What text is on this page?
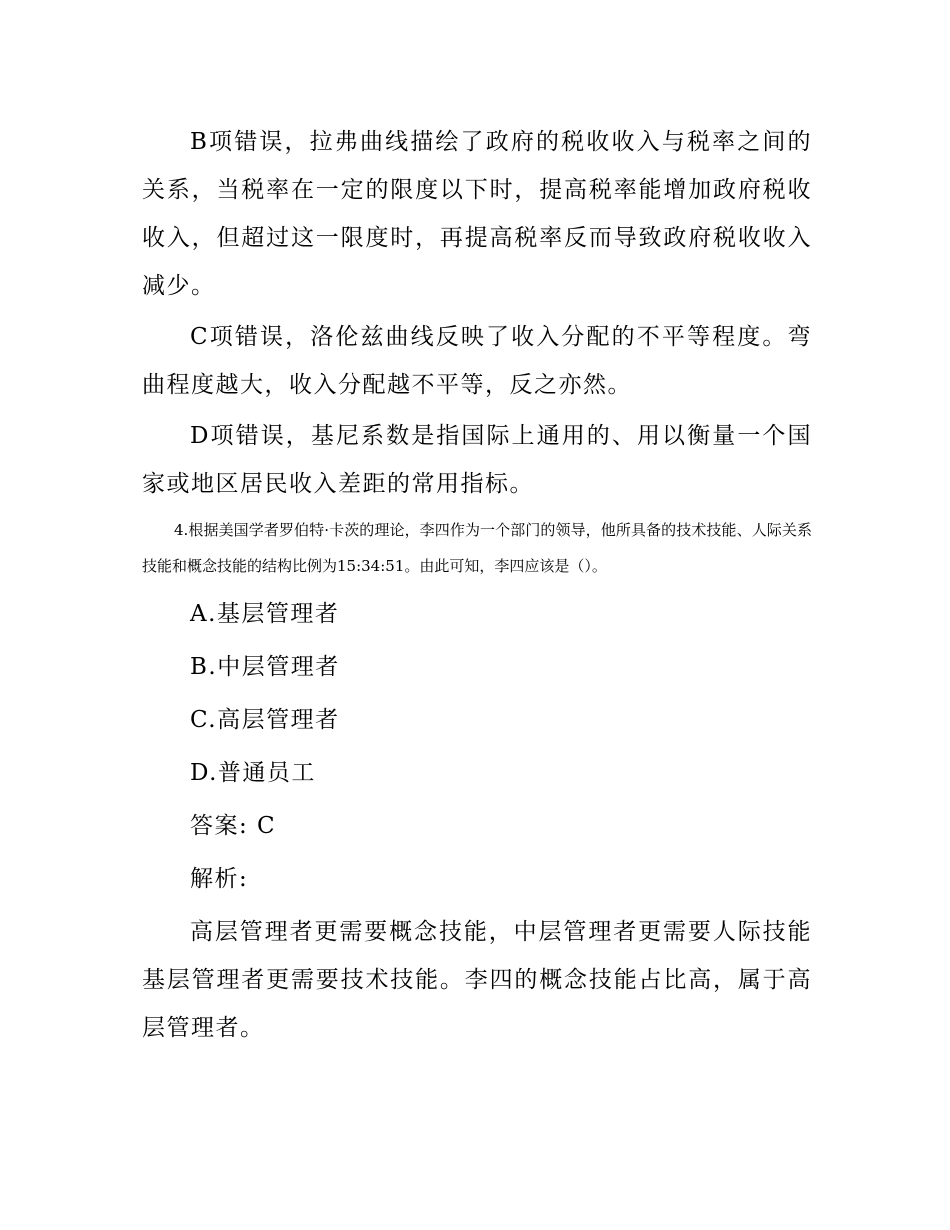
B项错误，拉弗曲线描绘了政府的税收收入与税率之间的关系，当税率在一定的限度以下时，提高税率能增加政府税收收入，但超过这一限度时，再提高税率反而导致政府税收收入减少。

C项错误，洛伦兹曲线反映了收入分配的不平等程度。弯曲程度越大，收入分配越不平等，反之亦然。

D项错误，基尼系数是指国际上通用的、用以衡量一个国家或地区居民收入差距的常用指标。

4.根据美国学者罗伯特·卡茨的理论，李四作为一个部门的领导，他所具备的技术技能、人际关系技能和概念技能的结构比例为15:34:51。由此可知，李四应该是（）。

A.基层管理者
B.中层管理者
C.高层管理者
D.普通员工
答案: C
解析:

高层管理者更需要概念技能，中层管理者更需要人际技能基层管理者更需要技术技能。李四的概念技能占比高，属于高层管理者。
